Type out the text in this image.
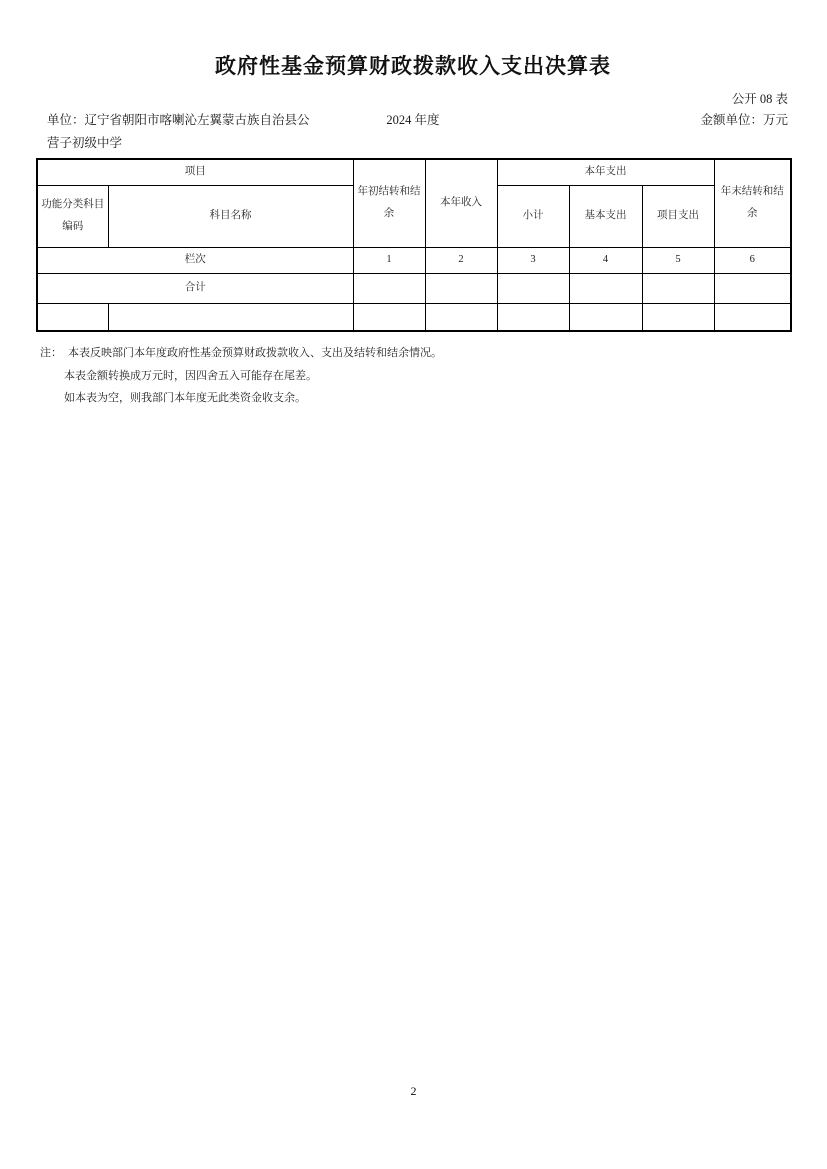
政府性基金预算财政拨款收入支出决算表
公开 08 表
单位：辽宁省朝阳市喀喇沁左翼蒙古族自治县公	2024 年度	金额单位：万元
营子初级中学
项目		年初结转和结余	本年收入	本年支出			年末结转和结余
功能分类科目编码	科目名称			小计	基本支出	项目支出	
栏次		1	2	3	4	5	6
合计							

注： 本表反映部门本年度政府性基金预算财政拨款收入、支出及结转和结余情况。
本表金额转换成万元时，因四舍五入可能存在尾差。
如本表为空，则我部门本年度无此类资金收支余。
2
